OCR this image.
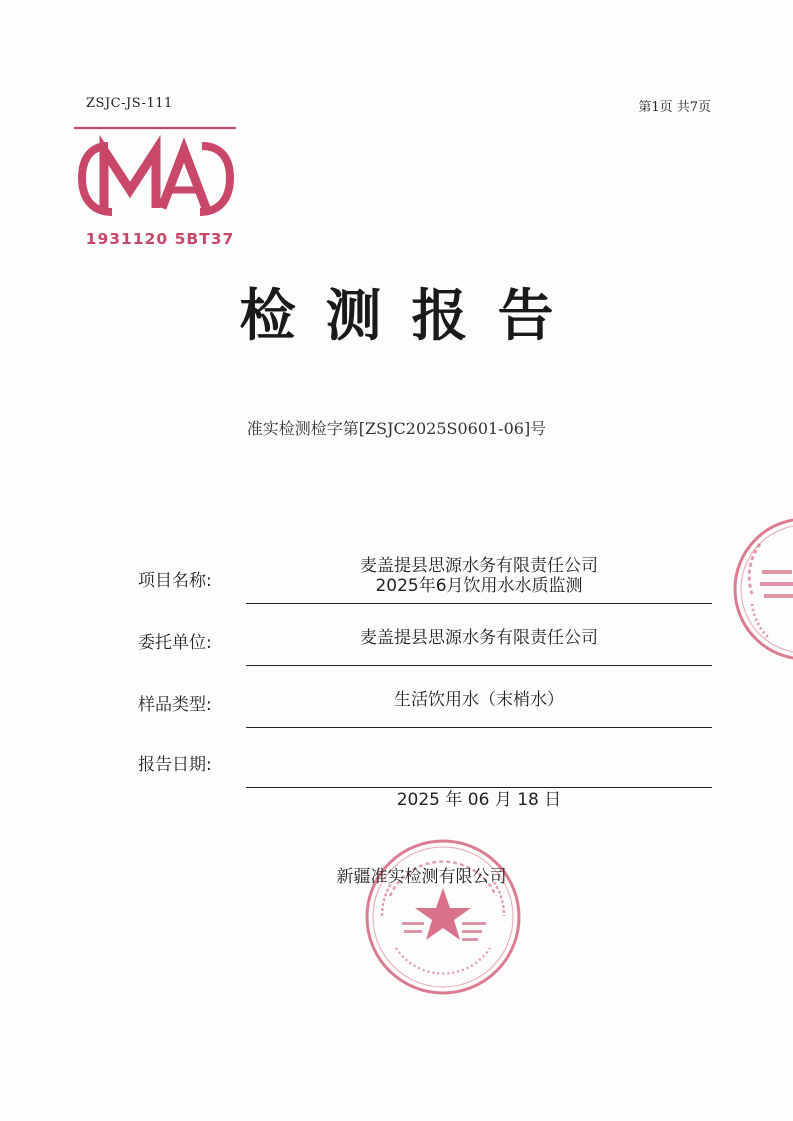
ZSJC-JS-111	第1页 共7页
1931120 5BT37
检测报告
准实检测检字第[ZSJC2025S0601-06]号
项目名称:
麦盖提县思源水务有限责任公司
2025年6月饮用水水质监测
委托单位:	麦盖提县思源水务有限责任公司
样品类型:	生活饮用水（末梢水）
报告日期:

2025 年 06 月 18 日

新疆准实检测有限公司
